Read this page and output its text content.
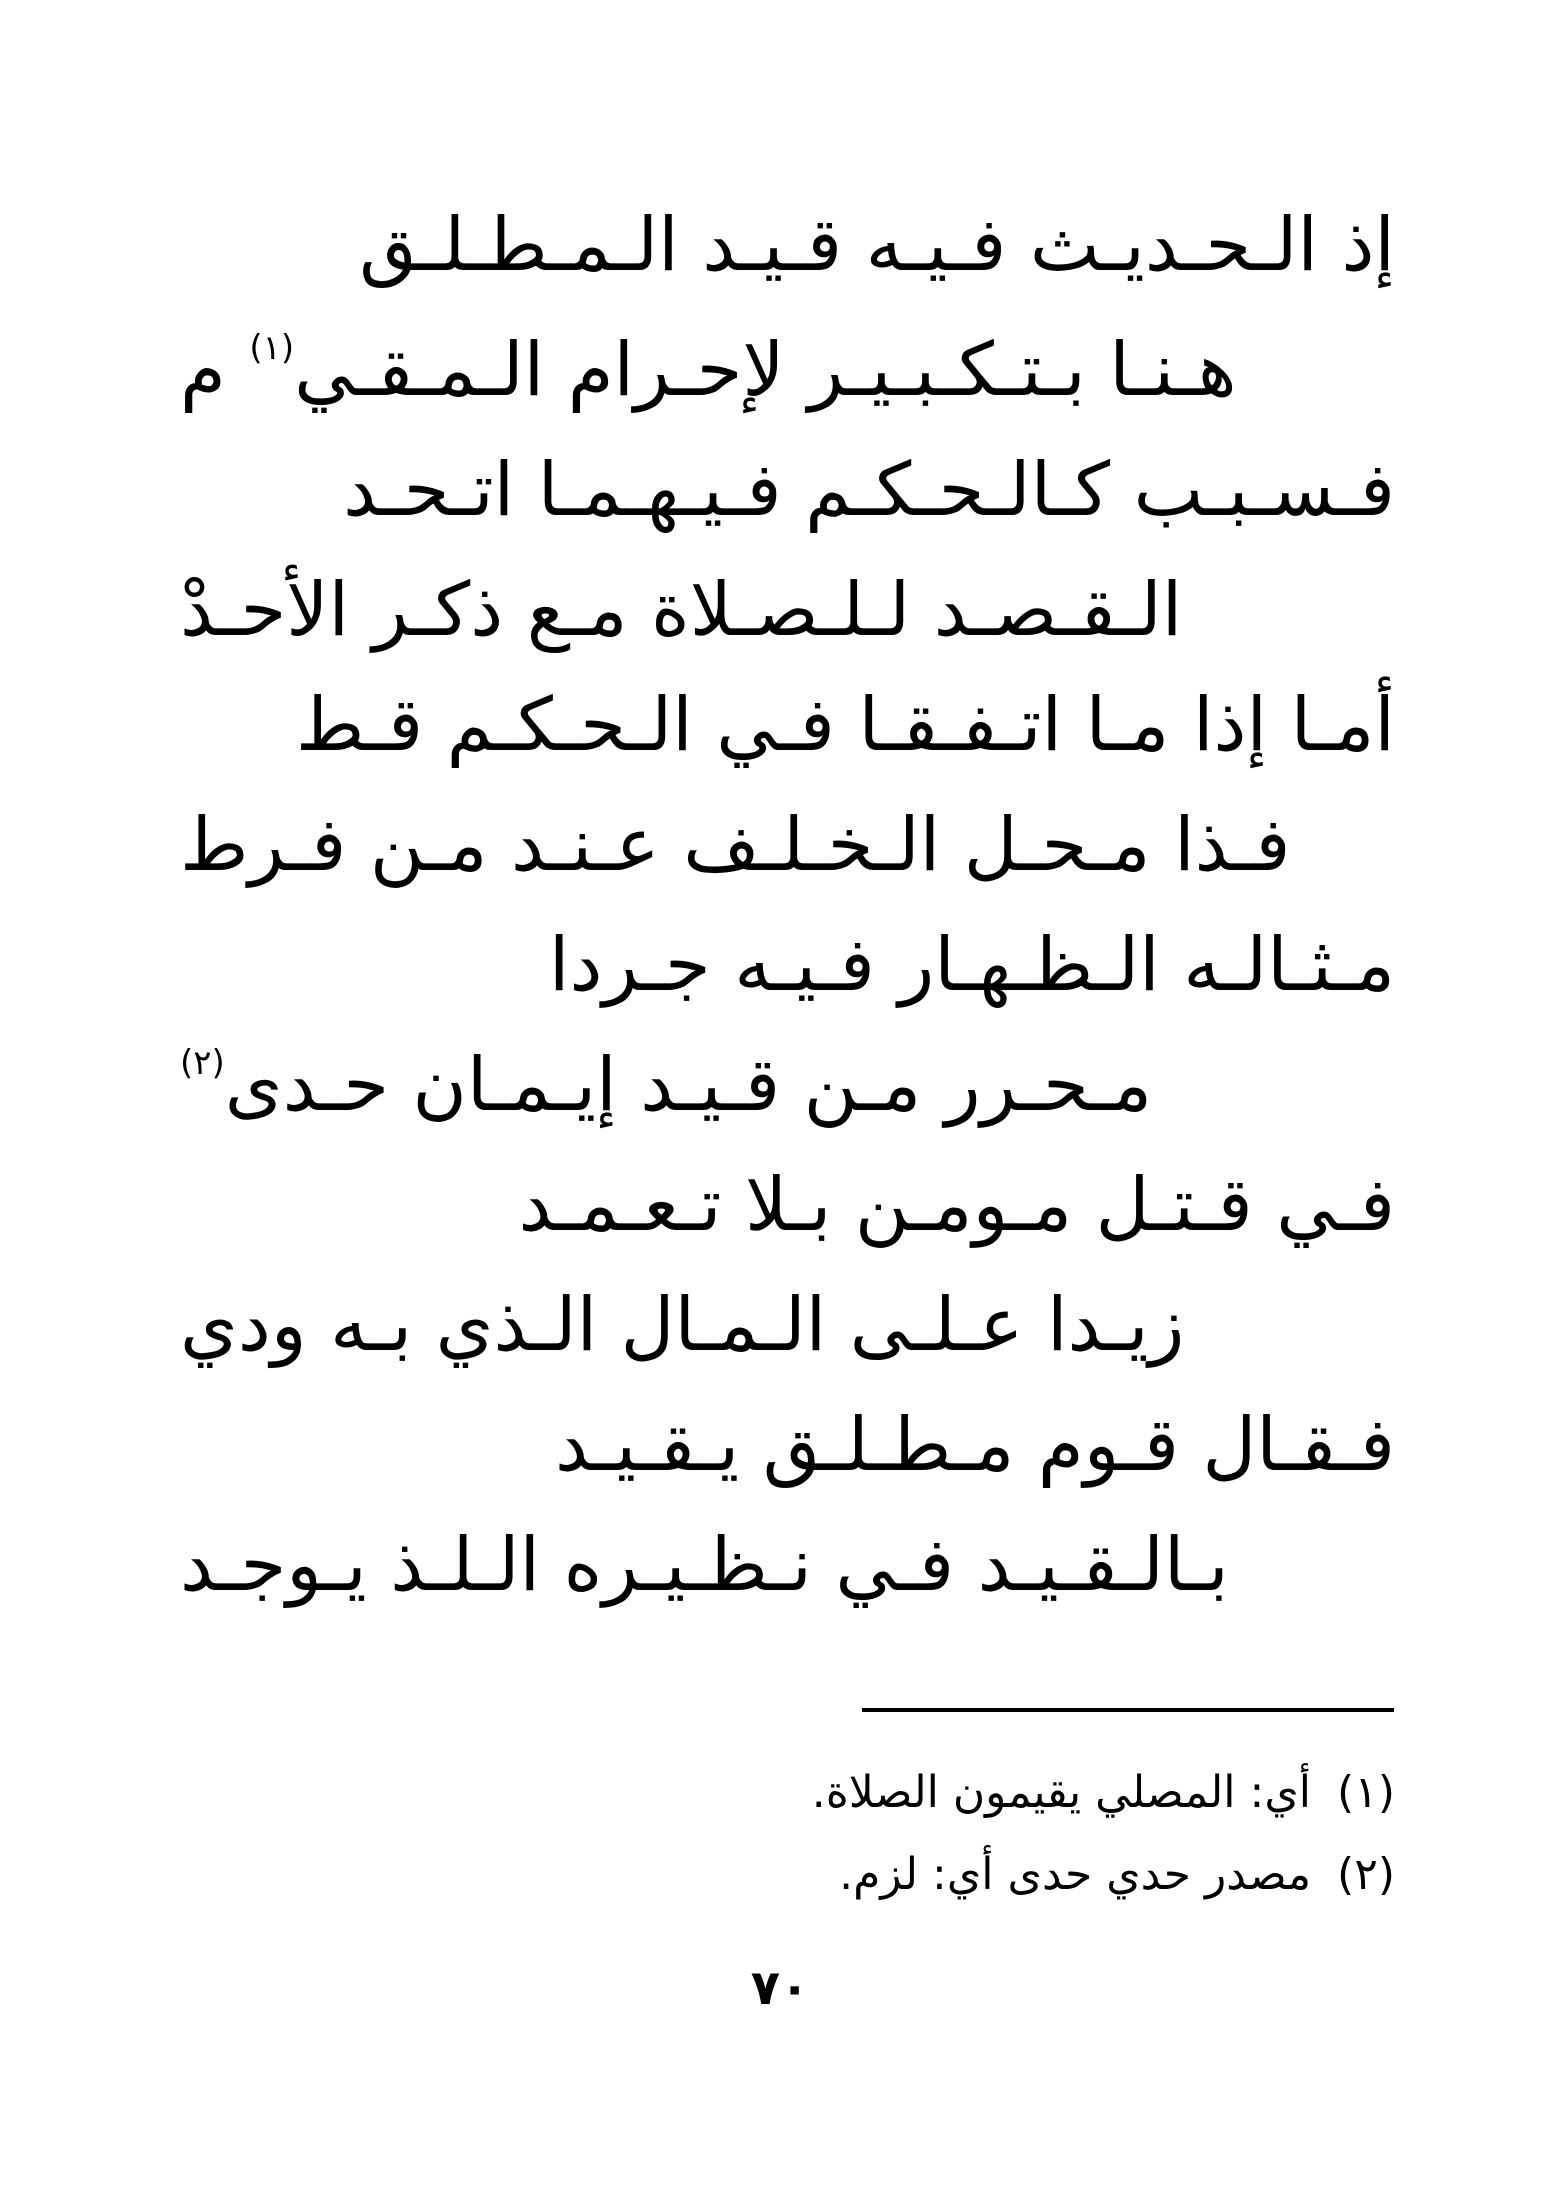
إذ الـحـديـث فـيـه قـيـد الـمـطـلـق
هـنـا بـتـكـبـيـر لإحـرام الـمـقـي$^{(١)}$ م
فـسـبـب كـالـحـكـم فـيـهـمـا اتـحـد
الـقـصـد لـلـصـلاة مـع ذكـر الأحـدْ
أمـا إذا مـا اتـفـقـا فـي الـحـكـم قـط
فـذا مـحـل الـخـلـف عـنـد مـن فـرط
مـثـالـه الـظـهـار فـيـه جـردا
مـحـرر مـن قـيـد إيـمـان حـدى$^{(٢)}$
فـي قـتـل مـومـن بـلا تـعـمـد
زيـدا عـلـى الـمـال الـذي بـه ودي
فـقـال قـوم مـطـلـق يـقـيـد
بـالـقـيـد فـي نـظـيـره الـلـذ يـوجـد
(١)أي: المصلي يقيمون الصلاة.
(٢)مصدر حدي حدى أي: لزم.
٧٠
